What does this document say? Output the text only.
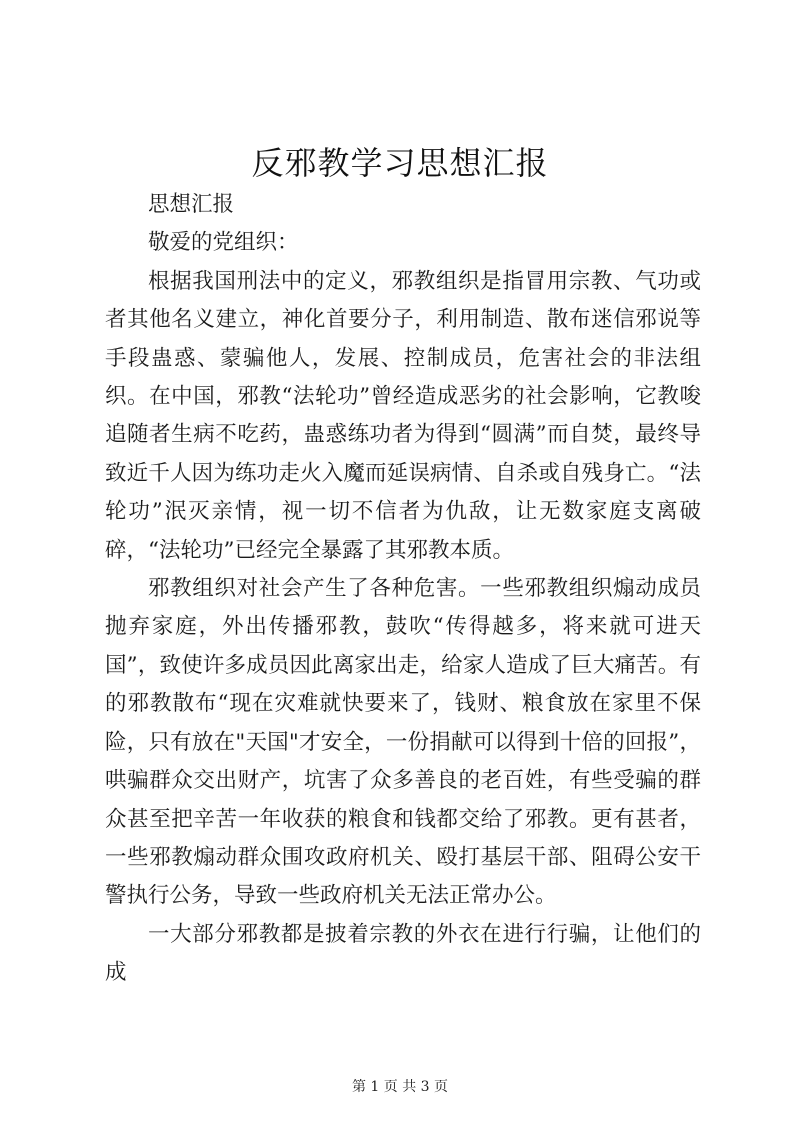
反邪教学习思想汇报

思想汇报

敬爱的党组织：

根据我国刑法中的定义，邪教组织是指冒用宗教、气功或者其他名义建立，神化首要分子，利用制造、散布迷信邪说等手段蛊惑、蒙骗他人，发展、控制成员，危害社会的非法组织。在中国，邪教“法轮功”曾经造成恶劣的社会影响，它教唆追随者生病不吃药，蛊惑练功者为得到“圆满”而自焚，最终导致近千人因为练功走火入魔而延误病情、自杀或自残身亡。“法轮功”泯灭亲情，视一切不信者为仇敌，让无数家庭支离破碎，“法轮功”已经完全暴露了其邪教本质。

邪教组织对社会产生了各种危害。一些邪教组织煽动成员抛弃家庭，外出传播邪教，鼓吹“传得越多，将来就可进天国”，致使许多成员因此离家出走，给家人造成了巨大痛苦。有的邪教散布“现在灾难就快要来了，钱财、粮食放在家里不保险，只有放在"天国"才安全，一份捐献可以得到十倍的回报”，哄骗群众交出财产，坑害了众多善良的老百姓，有些受骗的群众甚至把辛苦一年收获的粮食和钱都交给了邪教。更有甚者，一些邪教煽动群众围攻政府机关、殴打基层干部、阻碍公安干警执行公务，导致一些政府机关无法正常办公。

一大部分邪教都是披着宗教的外衣在进行行骗，让他们的成

第 1 页 共 3 页
